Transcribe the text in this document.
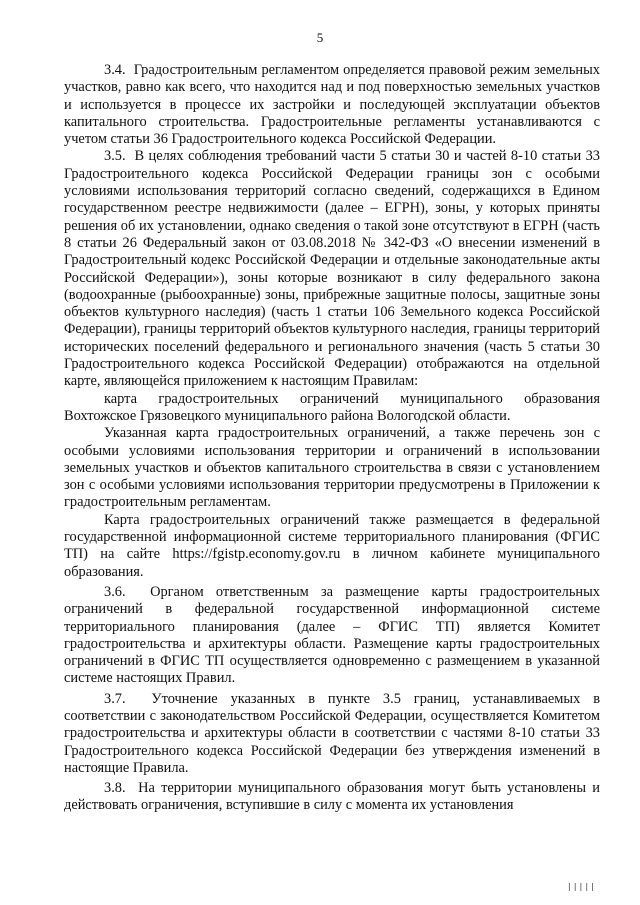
5

3.4.  Градостроительным регламентом определяется правовой режим земельных участков, равно как всего, что находится над и под поверхностью земельных участков и используется в процессе их застройки и последующей эксплуатации объектов капитального строительства. Градостроительные регламенты устанавливаются с учетом статьи 36 Градостроительного кодекса Российской Федерации.

3.5.  В целях соблюдения требований части 5 статьи 30 и частей 8-10 статьи 33 Градостроительного кодекса Российской Федерации границы зон с особыми условиями использования территорий согласно сведений, содержащихся в Едином государственном реестре недвижимости (далее – ЕГРН), зоны, у которых приняты решения об их установлении, однако сведения о такой зоне отсутствуют в ЕГРН (часть 8 статьи 26 Федеральный закон от 03.08.2018 № 342-ФЗ «О внесении изменений в Градостроительный кодекс Российской Федерации и отдельные законодательные акты Российской Федерации»), зоны которые возникают в силу федерального закона (водоохранные (рыбоохранные) зоны, прибрежные защитные полосы, защитные зоны объектов культурного наследия) (часть 1 статьи 106 Земельного кодекса Российской Федерации), границы территорий объектов культурного наследия, границы территорий исторических поселений федерального и регионального значения (часть 5 статьи 30 Градостроительного кодекса Российской Федерации) отображаются на отдельной карте, являющейся приложением к настоящим Правилам:

карта градостроительных ограничений муниципального образования Вохтожское Грязовецкого муниципального района Вологодской области.

Указанная карта градостроительных ограничений, а также перечень зон с особыми условиями использования территории и ограничений в использовании земельных участков и объектов капитального строительства в связи с установлением зон с особыми условиями использования территории предусмотрены в Приложении к градостроительным регламентам.

Карта градостроительных ограничений также размещается в федеральной государственной информационной системе территориального планирования (ФГИС ТП) на сайте https://fgistp.economy.gov.ru в личном кабинете муниципального образования.

3.6.  Органом ответственным за размещение карты градостроительных ограничений в федеральной государственной информационной системе территориального планирования (далее – ФГИС ТП) является Комитет градостроительства и архитектуры области. Размещение карты градостроительных ограничений в ФГИС ТП осуществляется одновременно с размещением в указанной системе настоящих Правил.

3.7.  Уточнение указанных в пункте 3.5 границ, устанавливаемых в соответствии с законодательством Российской Федерации, осуществляется Комитетом градостроительства и архитектуры области в соответствии с частями 8-10 статьи 33 Градостроительного кодекса Российской Федерации без утверждения изменений в настоящие Правила.

3.8.  На территории муниципального образования могут быть установлены и действовать ограничения, вступившие в силу с момента их установления

|||||
